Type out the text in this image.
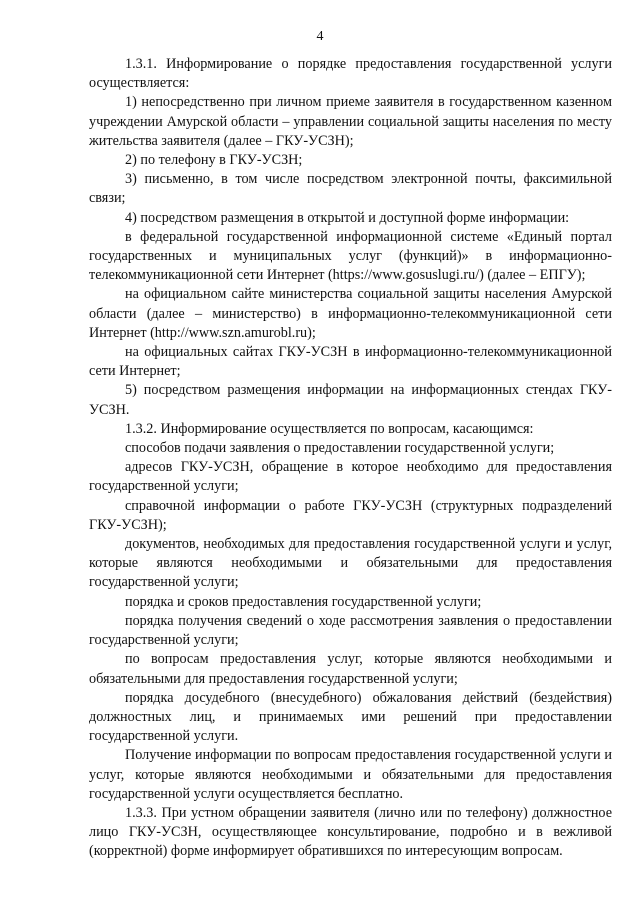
4

1.3.1. Информирование о порядке предоставления государственной услуги осуществляется:

1) непосредственно при личном приеме заявителя в государственном казенном учреждении Амурской области – управлении социальной защиты населения по месту жительства заявителя (далее – ГКУ-УСЗН);

2) по телефону в ГКУ-УСЗН;

3) письменно, в том числе посредством электронной почты, факсимильной связи;

4) посредством размещения в открытой и доступной форме информации:

в федеральной государственной информационной системе «Единый портал государственных и муниципальных услуг (функций)» в информационно-телекоммуникационной сети Интернет (https://www.gosuslugi.ru/) (далее – ЕПГУ);

на официальном сайте министерства социальной защиты населения Амурской области (далее – министерство) в информационно-телекоммуникационной сети Интернет (http://www.szn.amurobl.ru);

на официальных сайтах ГКУ-УСЗН в информационно-телекоммуникационной сети Интернет;

5) посредством размещения информации на информационных стендах ГКУ-УСЗН.

1.3.2. Информирование осуществляется по вопросам, касающимся:

способов подачи заявления о предоставлении государственной услуги;

адресов ГКУ-УСЗН, обращение в которое необходимо для предоставления государственной услуги;

справочной информации о работе ГКУ-УСЗН (структурных подразделений ГКУ-УСЗН);

документов, необходимых для предоставления государственной услуги и услуг, которые являются необходимыми и обязательными для предоставления государственной услуги;

порядка и сроков предоставления государственной услуги;

порядка получения сведений о ходе рассмотрения заявления о предоставлении государственной услуги;

по вопросам предоставления услуг, которые являются необходимыми и обязательными для предоставления государственной услуги;

порядка досудебного (внесудебного) обжалования действий (бездействия) должностных лиц, и принимаемых ими решений при предоставлении государственной услуги.

Получение информации по вопросам предоставления государственной услуги и услуг, которые являются необходимыми и обязательными для предоставления государственной услуги осуществляется бесплатно.

1.3.3. При устном обращении заявителя (лично или по телефону) должностное лицо ГКУ-УСЗН, осуществляющее консультирование, подробно и в вежливой (корректной) форме информирует обратившихся по интересующим вопросам.
